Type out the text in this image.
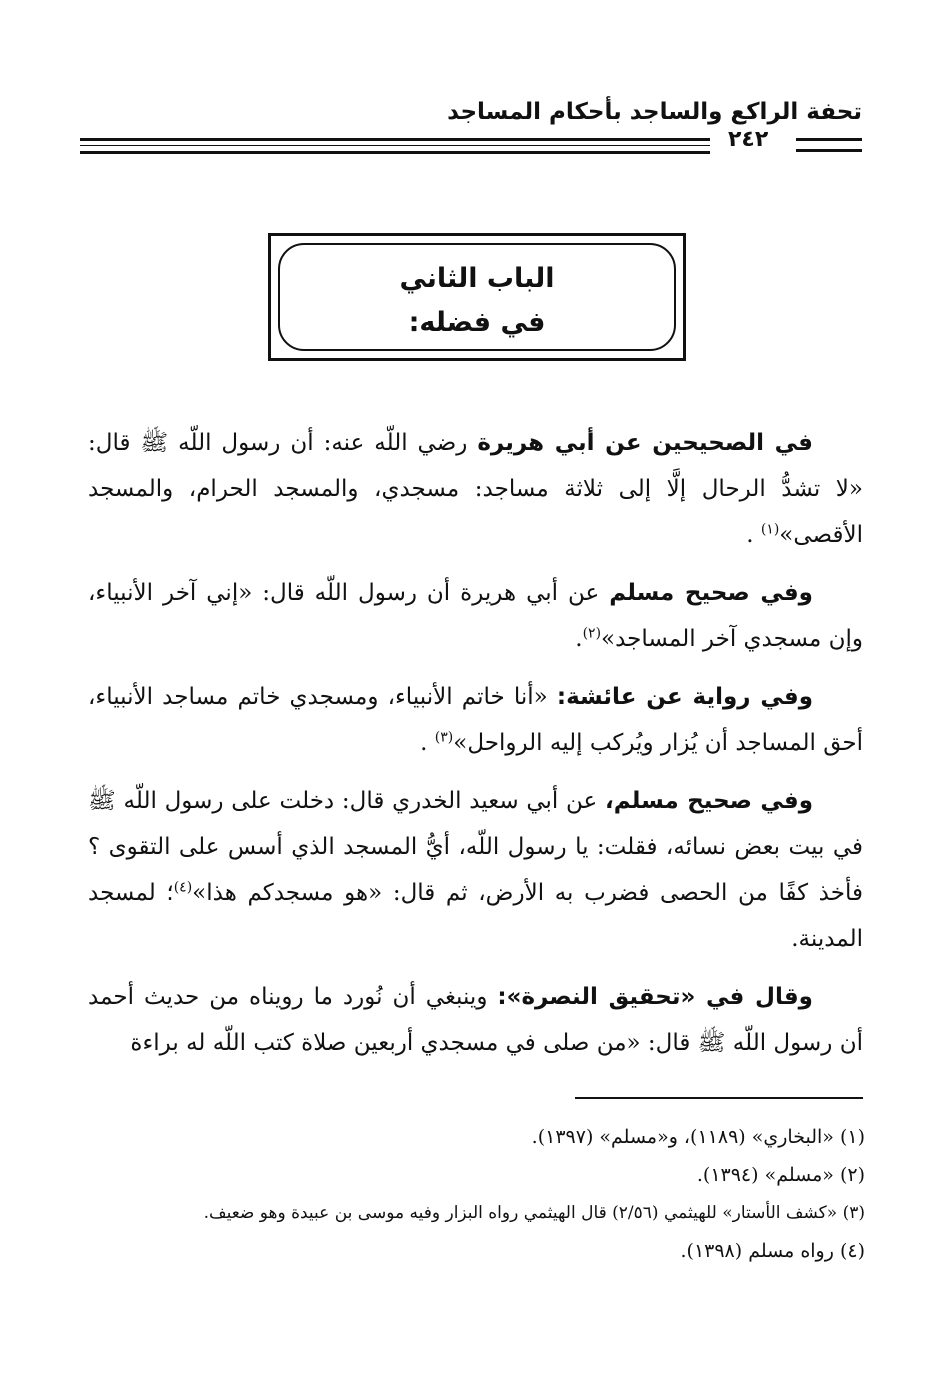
تحفة الراكع والساجد بأحكام المساجد
٢٤٢
الباب الثاني
في فضله:

في الصحيحين عن أبي هريرة رضي اللّه عنه: أن رسول اللّه ﷺ قال: «لا تشدُّ الرحال إلَّا إلى ثلاثة مساجد: مسجدي، والمسجد الحرام، والمسجد الأقصى»$^{(١)}$ .

وفي صحيح مسلم عن أبي هريرة أن رسول اللّه قال: «إني آخر الأنبياء، وإن مسجدي آخر المساجد»$^{(٢)}$.

وفي رواية عن عائشة: «أنا خاتم الأنبياء، ومسجدي خاتم مساجد الأنبياء، أحق المساجد أن يُزار ويُركب إليه الرواحل»$^{(٣)}$ .

وفي صحيح مسلم، عن أبي سعيد الخدري قال: دخلت على رسول اللّه ﷺ في بيت بعض نسائه، فقلت: يا رسول اللّه، أيُّ المسجد الذي أسس على التقوى ؟ فأخذ كفًا من الحصى فضرب به الأرض، ثم قال: «هو مسجدكم هذا»$^{(٤)}$؛ لمسجد المدينة.

وقال في «تحقيق النصرة»: وينبغي أن نُورد ما رويناه من حديث أحمد أن رسول اللّه ﷺ قال: «من صلى في مسجدي أربعين صلاة كتب اللّه له براءة

(١) «البخاري» (١١٨٩)، و«مسلم» (١٣٩٧).
(٢) «مسلم» (١٣٩٤).
(٣) «كشف الأستار» للهيثمي (٢/٥٦) قال الهيثمي رواه البزار وفيه موسى بن عبيدة وهو ضعيف.
(٤) رواه مسلم (١٣٩٨).
